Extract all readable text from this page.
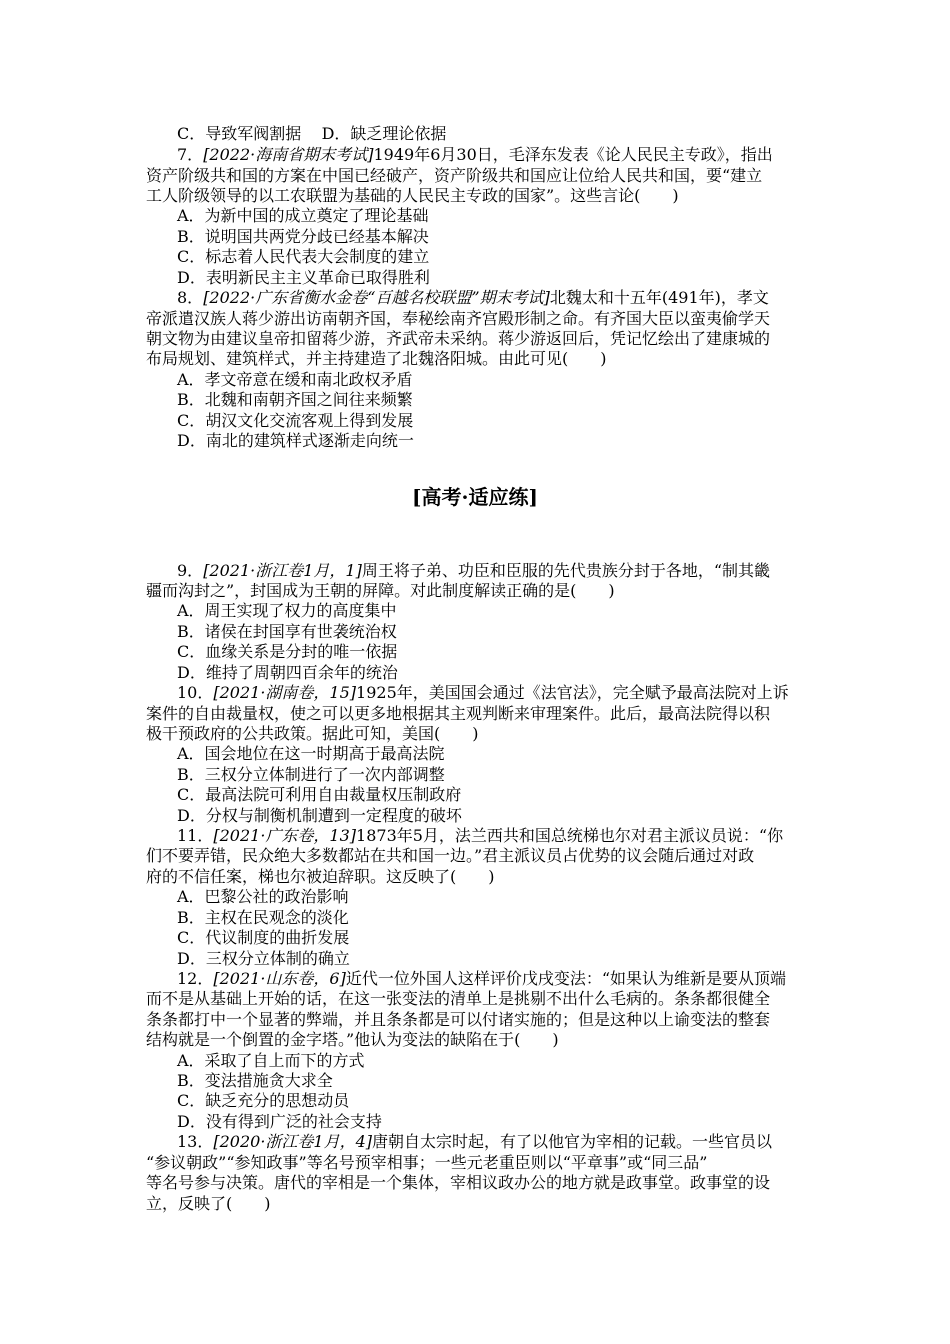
C．导致军阀割据 D．缺乏理论依据
7．[2022·海南省期末考试]1949年6月30日，毛泽东发表《论人民民主专政》，指出
资产阶级共和国的方案在中国已经破产，资产阶级共和国应让位给人民共和国，要“建立
工人阶级领导的以工农联盟为基础的人民民主专政的国家”。这些言论(　　)
A．为新中国的成立奠定了理论基础
B．说明国共两党分歧已经基本解决
C．标志着人民代表大会制度的建立
D．表明新民主主义革命已取得胜利
8．[2022·广东省衡水金卷“百越名校联盟”期末考试]北魏太和十五年(491年)，孝文
帝派遣汉族人蒋少游出访南朝齐国，奉秘绘南齐宫殿形制之命。有齐国大臣以蛮夷偷学天
朝文物为由建议皇帝扣留蒋少游，齐武帝未采纳。蒋少游返回后，凭记忆绘出了建康城的
布局规划、建筑样式，并主持建造了北魏洛阳城。由此可见(　　)
A．孝文帝意在缓和南北政权矛盾
B．北魏和南朝齐国之间往来频繁
C．胡汉文化交流客观上得到发展
D．南北的建筑样式逐渐走向统一
[高考·适应练]
9．[2021·浙江卷1月，1]周王将子弟、功臣和臣服的先代贵族分封于各地，“制其畿
疆而沟封之”，封国成为王朝的屏障。对此制度解读正确的是(　　)
A．周王实现了权力的高度集中
B．诸侯在封国享有世袭统治权
C．血缘关系是分封的唯一依据
D．维持了周朝四百余年的统治
10．[2021·湖南卷，15]1925年，美国国会通过《法官法》，完全赋予最高法院对上诉
案件的自由裁量权，使之可以更多地根据其主观判断来审理案件。此后，最高法院得以积
极干预政府的公共政策。据此可知，美国(　　)
A．国会地位在这一时期高于最高法院
B．三权分立体制进行了一次内部调整
C．最高法院可利用自由裁量权压制政府
D．分权与制衡机制遭到一定程度的破坏
11．[2021·广东卷，13]1873年5月，法兰西共和国总统梯也尔对君主派议员说：“你
们不要弄错，民众绝大多数都站在共和国一边。”君主派议员占优势的议会随后通过对政
府的不信任案，梯也尔被迫辞职。这反映了(　　)
A．巴黎公社的政治影响
B．主权在民观念的淡化
C．代议制度的曲折发展
D．三权分立体制的确立
12．[2021·山东卷，6]近代一位外国人这样评价戊戌变法：“如果认为维新是要从顶端
而不是从基础上开始的话，在这一张变法的清单上是挑剔不出什么毛病的。条条都很健全
条条都打中一个显著的弊端，并且条条都是可以付诸实施的；但是这种以上谕变法的整套
结构就是一个倒置的金字塔。”他认为变法的缺陷在于(　　)
A．采取了自上而下的方式
B．变法措施贪大求全
C．缺乏充分的思想动员
D．没有得到广泛的社会支持
13．[2020·浙江卷1月，4]唐朝自太宗时起，有了以他官为宰相的记载。一些官员以
“参议朝政”“参知政事”等名号预宰相事；一些元老重臣则以“平章事”或“同三品”
等名号参与决策。唐代的宰相是一个集体，宰相议政办公的地方就是政事堂。政事堂的设
立，反映了(　　)
